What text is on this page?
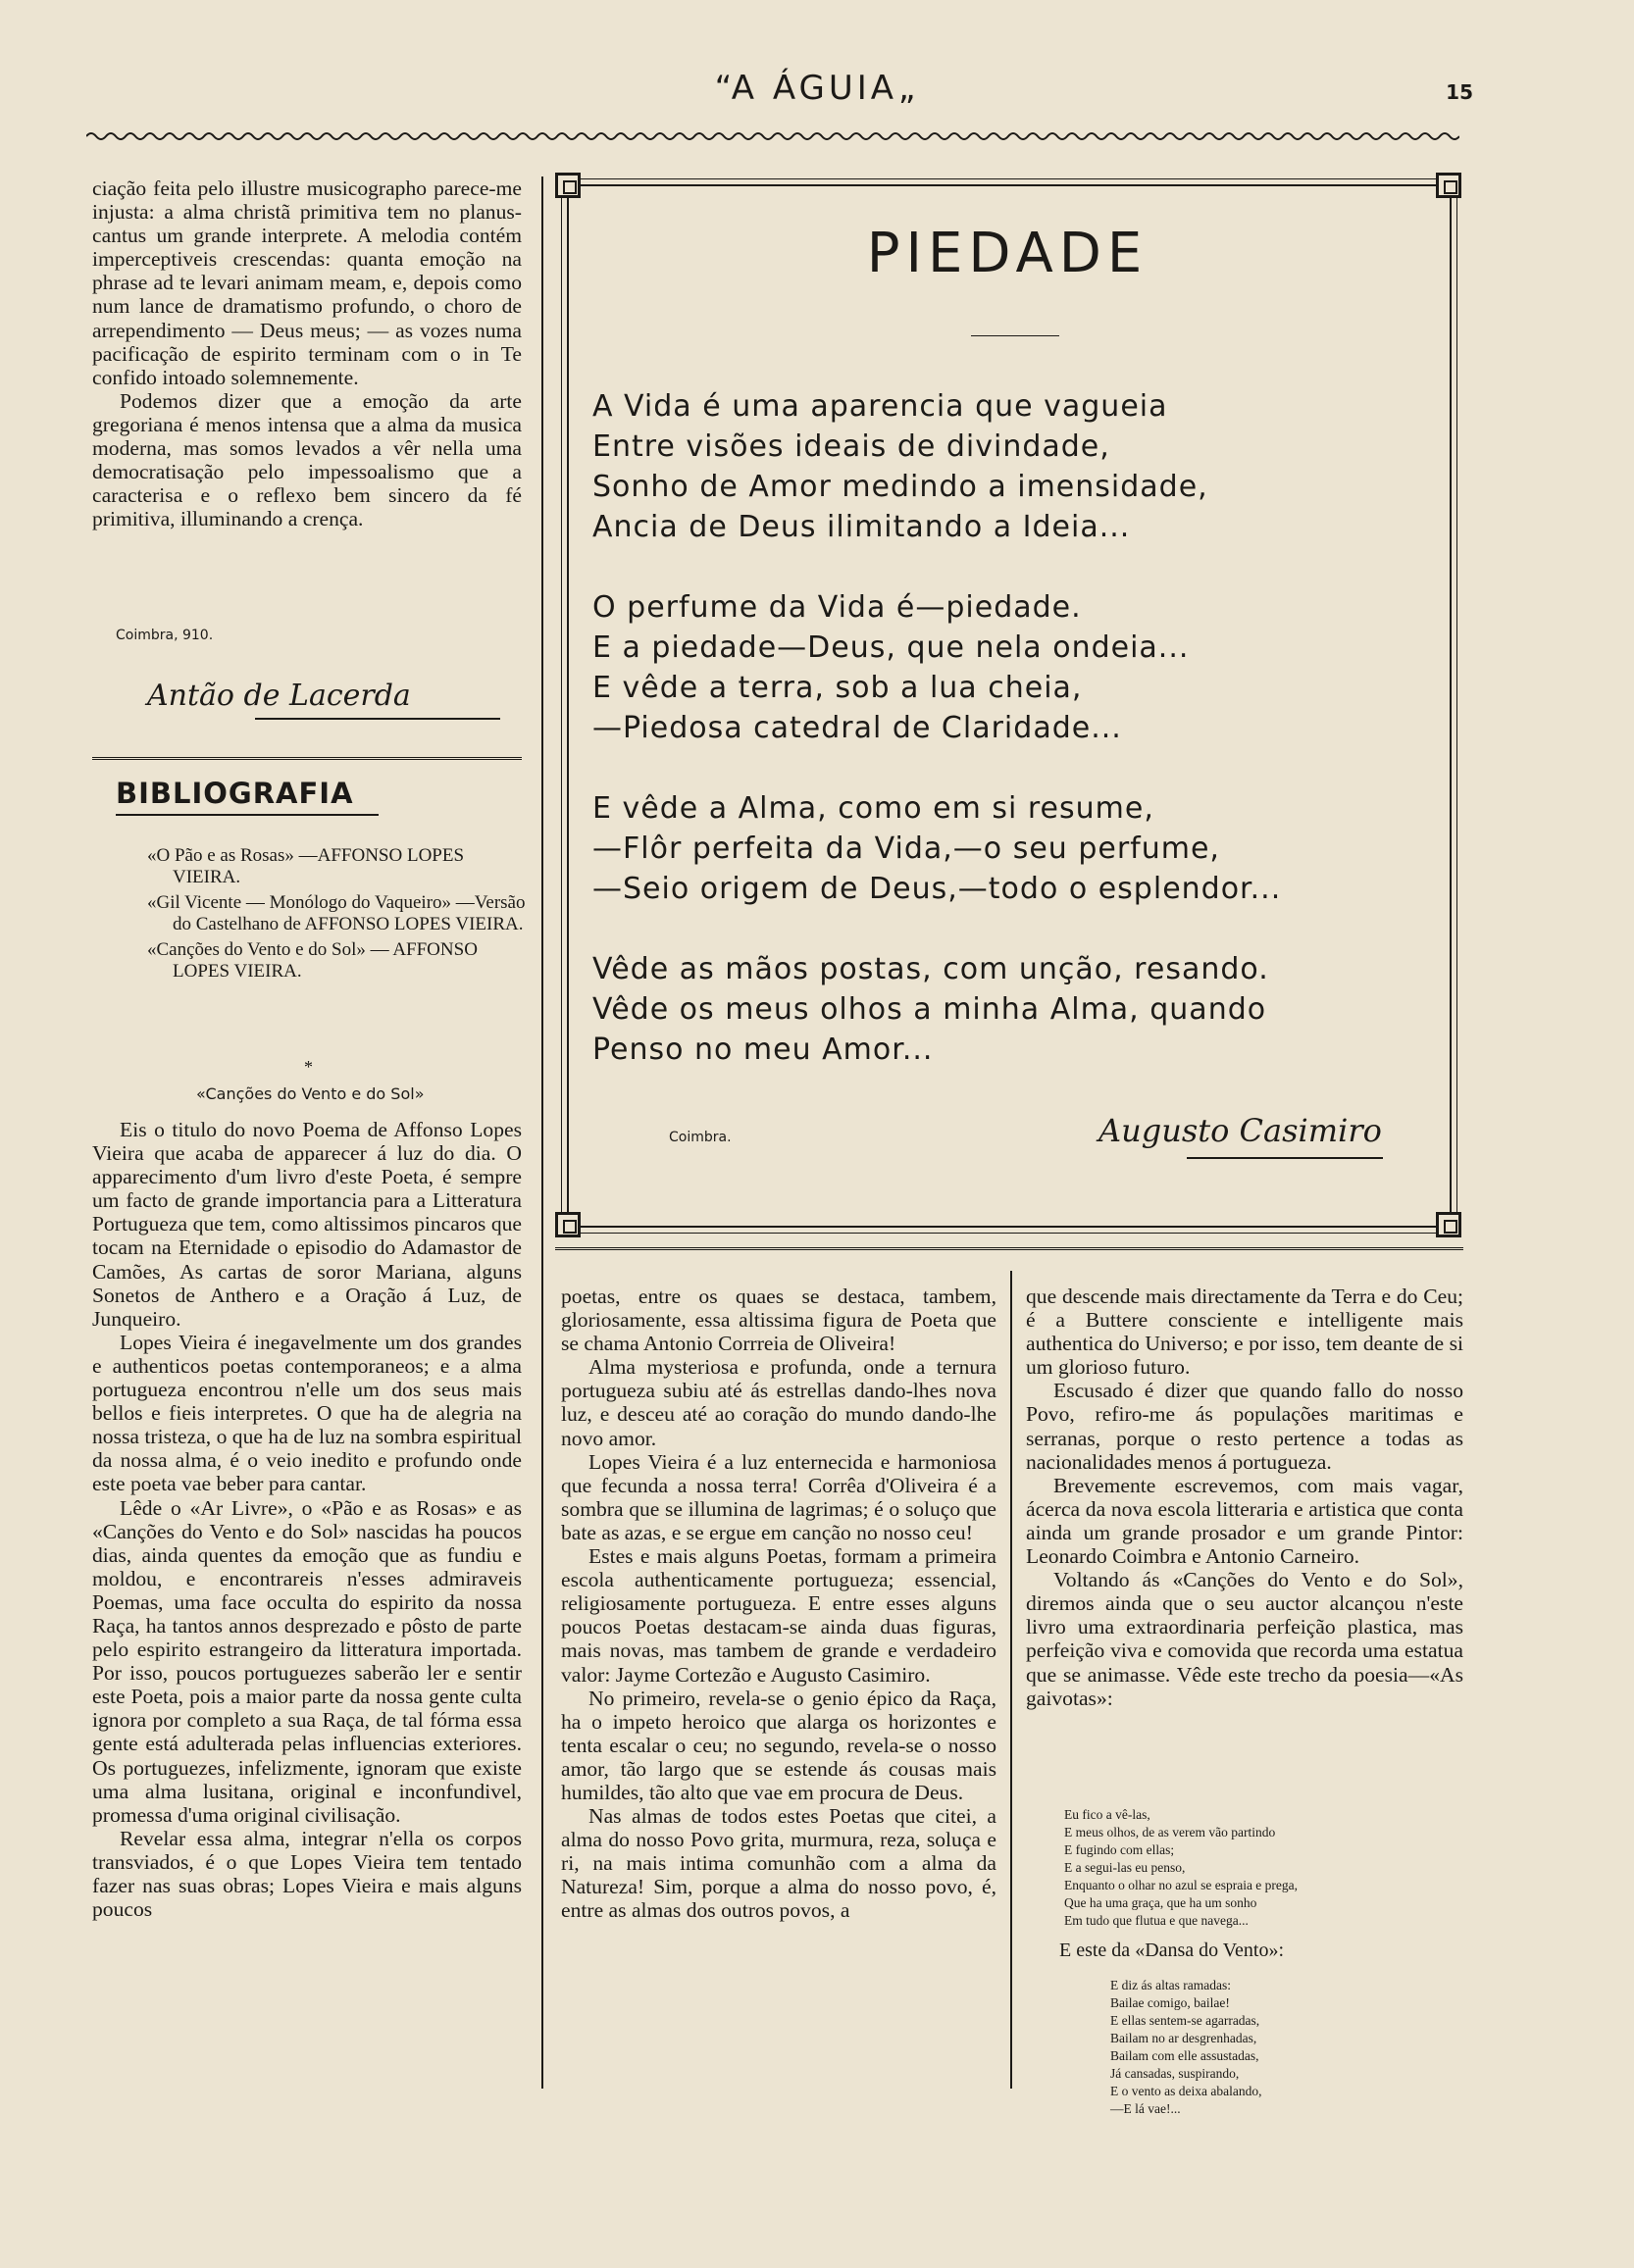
“A ÁGUIA„	15

ciação feita pelo illustre musicographo parece-me injusta: a alma christã primitiva tem no planus-cantus um grande interprete. A melodia contém imperceptiveis crescendas: quanta emoção na phrase ad te levari animam meam, e, depois como num lance de dramatismo profundo, o choro de arrependimento — Deus meus; — as vozes numa pacificação de espirito terminam com o in Te confido intoado solemnemente.

Podemos dizer que a emoção da arte gregoriana é menos intensa que a alma da musica moderna, mas somos levados a vêr nella uma democratisação pelo impessoalismo que a caracterisa e o reflexo bem sincero da fé primitiva, illuminando a crença.

Coimbra, 910.
Antão de Lacerda
BIBLIOGRAFIA

«O Pão e as Rosas» —AFFONSO LOPES VIEIRA.

«Gil Vicente — Monólogo do Vaqueiro» —Versão do Castelhano de AFFONSO LOPES VIEIRA.

«Canções do Vento e do Sol» — AFFONSO LOPES VIEIRA.

*
«Canções do Vento e do Sol»

Eis o titulo do novo Poema de Affonso Lopes Vieira que acaba de apparecer á luz do dia. O apparecimento d'um livro d'este Poeta, é sempre um facto de grande importancia para a Litteratura Portugueza que tem, como altissimos pincaros que tocam na Eternidade o episodio do Adamastor de Camões, As cartas de soror Mariana, alguns Sonetos de Anthero e a Oração á Luz, de Junqueiro.

Lopes Vieira é inegavelmente um dos grandes e authenticos poetas contemporaneos; e a alma portugueza encontrou n'elle um dos seus mais bellos e fieis interpretes. O que ha de alegria na nossa tristeza, o que ha de luz na sombra espiritual da nossa alma, é o veio inedito e profundo onde este poeta vae beber para cantar.

Lêde o «Ar Livre», o «Pão e as Rosas» e as «Canções do Vento e do Sol» nascidas ha poucos dias, ainda quentes da emoção que as fundiu e moldou, e encontrareis n'esses admiraveis Poemas, uma face occulta do espirito da nossa Raça, ha tantos annos desprezado e pôsto de parte pelo espirito estrangeiro da litteratura importada. Por isso, poucos portuguezes saberão ler e sentir este Poeta, pois a maior parte da nossa gente culta ignora por completo a sua Raça, de tal fórma essa gente está adulterada pelas influencias exteriores. Os portuguezes, infelizmente, ignoram que existe uma alma lusitana, original e inconfundivel, promessa d'uma original civilisação.

Revelar essa alma, integrar n'ella os corpos transviados, é o que Lopes Vieira tem tentado fazer nas suas obras; Lopes Vieira e mais alguns poucos

PIEDADE
A Vida é uma aparencia que vagueia
Entre visões ideais de divindade,
Sonho de Amor medindo a imensidade,
Ancia de Deus ilimitando a Ideia...
O perfume da Vida é—piedade.
E a piedade—Deus, que nela ondeia...
E vêde a terra, sob a lua cheia,
—Piedosa catedral de Claridade...
E vêde a Alma, como em si resume,
—Flôr perfeita da Vida,—o seu perfume,
—Seio origem de Deus,—todo o esplendor...
Vêde as mãos postas, com unção, resando.
Vêde os meus olhos a minha Alma, quando
Penso no meu Amor...
Coimbra.	Augusto Casimiro

poetas, entre os quaes se destaca, tambem, gloriosamente, essa altissima figura de Poeta que se chama Antonio Corrreia de Oliveira!

Alma mysteriosa e profunda, onde a ternura portugueza subiu até ás estrellas dando-lhes nova luz, e desceu até ao coração do mundo dando-lhe novo amor.

Lopes Vieira é a luz enternecida e harmoniosa que fecunda a nossa terra! Corrêa d'Oliveira é a sombra que se illumina de lagrimas; é o soluço que bate as azas, e se ergue em canção no nosso ceu!

Estes e mais alguns Poetas, formam a primeira escola authenticamente portugueza; essencial, religiosamente portugueza. E entre esses alguns poucos Poetas destacam-se ainda duas figuras, mais novas, mas tambem de grande e verdadeiro valor: Jayme Cortezão e Augusto Casimiro.

No primeiro, revela-se o genio épico da Raça, ha o impeto heroico que alarga os horizontes e tenta escalar o ceu; no segundo, revela-se o nosso amor, tão largo que se estende ás cousas mais humildes, tão alto que vae em procura de Deus.

Nas almas de todos estes Poetas que citei, a alma do nosso Povo grita, murmura, reza, soluça e ri, na mais intima comunhão com a alma da Natureza! Sim, porque a alma do nosso povo, é, entre as almas dos outros povos, a

que descende mais directamente da Terra e do Ceu; é a Buttere consciente e intelligente mais authentica do Universo; e por isso, tem deante de si um glorioso futuro.

Escusado é dizer que quando fallo do nosso Povo, refiro-me ás populações maritimas e serranas, porque o resto pertence a todas as nacionalidades menos á portugueza.

Brevemente escrevemos, com mais vagar, ácerca da nova escola litteraria e artistica que conta ainda um grande prosador e um grande Pintor: Leonardo Coimbra e Antonio Carneiro.

Voltando ás «Canções do Vento e do Sol», diremos ainda que o seu auctor alcançou n'este livro uma extraordinaria perfeição plastica, mas perfeição viva e comovida que recorda uma estatua que se animasse. Vêde este trecho da poesia—«As gaivotas»:

Eu fico a vê-las,
E meus olhos, de as verem vão partindo
E fugindo com ellas;
E a segui-las eu penso,
Enquanto o olhar no azul se espraia e prega,
Que ha uma graça, que ha um sonho
Em tudo que flutua e que navega...
E este da «Dansa do Vento»:
E diz ás altas ramadas:
Bailae comigo, bailae!
E ellas sentem-se agarradas,
Bailam no ar desgrenhadas,
Bailam com elle assustadas,
Já cansadas, suspirando,
E o vento as deixa abalando,
—E lá vae!...
